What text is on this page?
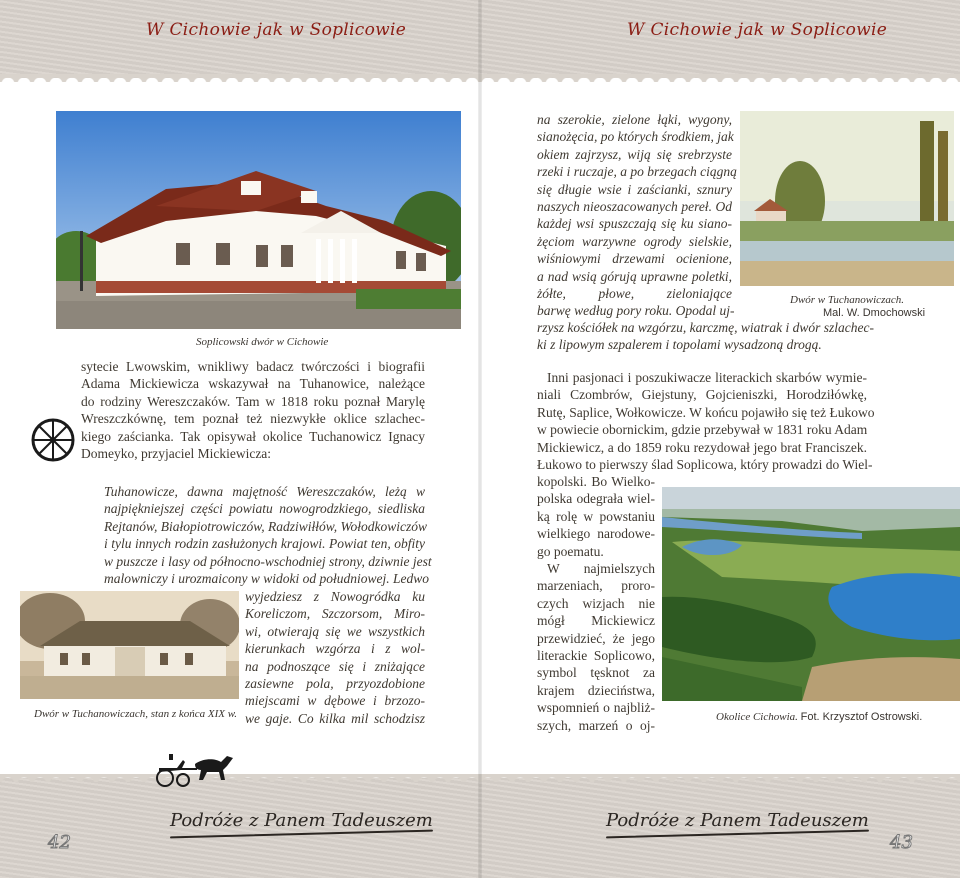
W Cichowie jak w Soplicowie	W Cichowie jak w Soplicowie
Soplicowski dwór w Cichowie
sytecie Lwowskim, wnikliwy badacz twórczości i biografii
Adama Mickiewicza wskazywał na Tuhanowice, należące
do rodziny Wereszczaków. Tam w 1818 roku poznał Marylę
Wreszczkównę, tem poznał też niezwykłe oklice szlachec-
kiego zaścianka. Tak opisywał okolice Tuchanowicz Ignacy
Domeyko, przyjaciel Mickiewicza:
Tuhanowicze, dawna majętność Wereszczaków, leżą w
najpiękniejszej części powiatu nowogrodzkiego, siedliska
Rejtanów, Białopiotrowiczów, Radziwiłłów, Wołodkowiczów
i tylu innych rodzin zasłużonych krajowi. Powiat ten, obfity
w puszcze i lasy od północno-wschodniej strony, dziwnie jest
malowniczy i urozmaicony w widoki od południowej. Ledwo
wyjedziesz z Nowogródka ku
Koreliczom, Szczorsom, Miro-
wi, otwierają się we wszystkich
kierunkach wzgórza i z wol-
na podnoszące się i zniżające
zasiewne pola, przyozdobione
miejscami w dębowe i brzozo-
we gaje. Co kilka mil schodzisz
Dwór w Tuchanowiczach, stan z końca XIX w.
Podróże z Panem Tadeuszem
42
na szerokie, zielone łąki, wygony,
sianożęcia, po których środkiem, jak
okiem zajrzysz, wiją się srebrzyste
rzeki i ruczaje, a po brzegach ciągną
się długie wsie i zaścianki, sznury
naszych nieoszacowanych pereł. Od
każdej wsi spuszczają się ku siano-
żęciom warzywne ogrody sielskie,
wiśniowymi drzewami ocienione,
a nad wsią górują uprawne poletki,
żółte, płowe, zieloniające
barwę według pory roku. Opodal uj-
rzysz kościółek na wzgórzu, karczmę, wiatrak i dwór szlachec-
ki z lipowym szpalerem i topolami wysadzoną drogą.
Dwór w Tuchanowiczach.
Mal. W. Dmochowski
Inni pasjonaci i poszukiwacze literackich skarbów wymie-
niali Czombrów, Giejstuny, Gojcieniszki, Horodziłówkę,
Rutę, Saplice, Wołkowicze. W końcu pojawiło się też Łukowo
w powiecie obornickim, gdzie przebywał w 1831 roku Adam
Mickiewicz, a do 1859 roku rezydował jego brat Franciszek.
Łukowo to pierwszy ślad Soplicowa, który prowadzi do Wiel-
kopolski. Bo Wielko-
polska odegrała wiel-
ką rolę w powstaniu
wielkiego narodowe-
go poematu.
W najmielszych
marzeniach, proro-
czych wizjach nie
mógł Mickiewicz
przewidzieć, że jego
literackie Soplicowo,
symbol tęsknot za
krajem dzieciństwa,
wspomnień o najbliż-
szych, marzeń o oj-
Okolice Cichowia. Fot. Krzysztof Ostrowski.
Podróże z Panem Tadeuszem
43
